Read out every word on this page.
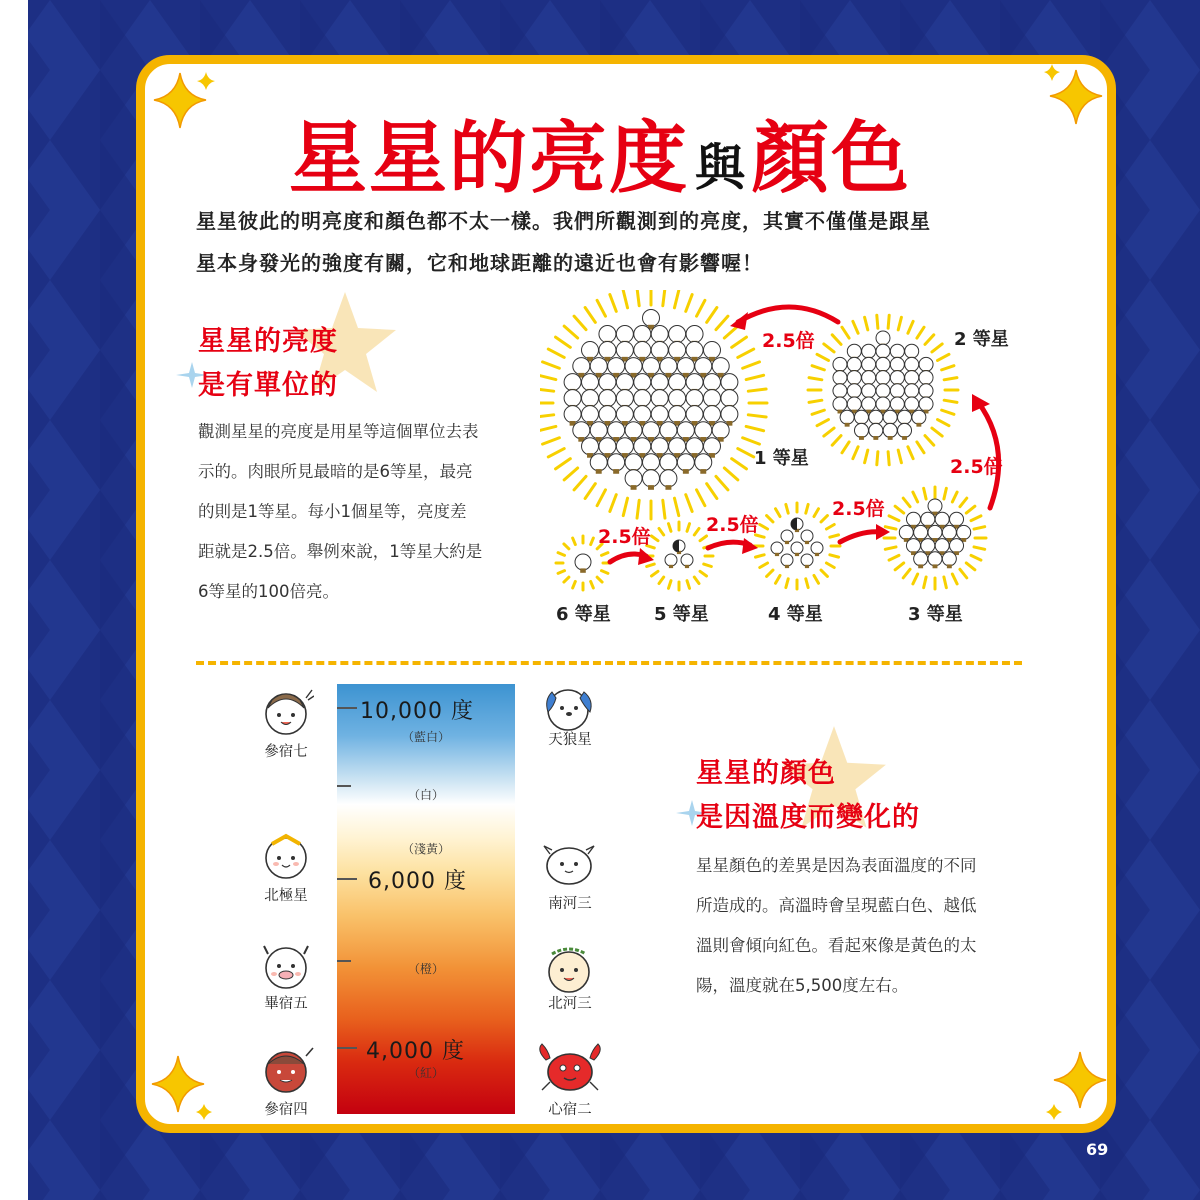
星星的亮度 與顏色
星星彼此的明亮度和顏色都不太一樣。我們所觀測到的亮度，其實不僅僅是跟星
星本身發光的強度有關，它和地球距離的遠近也會有影響喔！
星星的亮度
是有單位的
觀測星星的亮度是用星等這個單位去表
示的。肉眼所見最暗的是6等星，最亮
的則是1等星。每小1個星等，亮度差
距就是2.5倍。舉例來說，1等星大約是
6等星的100倍亮。
2.5倍
2.5倍
2.5倍
2.5倍
2.5倍
1 等星
2 等星
3 等星
4 等星
5 等星
6 等星
10,000 度
（藍白）
（白）
（淺黃）
6,000 度
（橙）
4,000 度
（紅）
參宿七
北極星
畢宿五
參宿四
天狼星
南河三
北河三
心宿二
星星的顏色
是因溫度而變化的
星星顏色的差異是因為表面溫度的不同
所造成的。高溫時會呈現藍白色、越低
溫則會傾向紅色。看起來像是黃色的太
陽，溫度就在5,500度左右。
69
